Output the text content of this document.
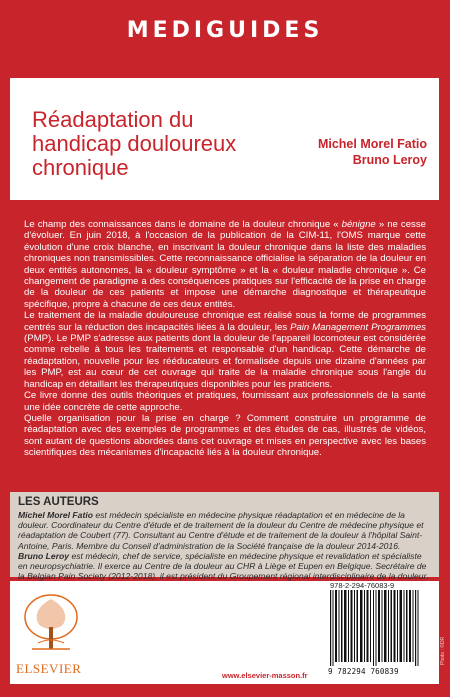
MEDIGUIDES
Réadaptation du
handicap douloureux
chronique
Michel Morel Fatio
Bruno Leroy

Le champ des connaissances dans le domaine de la douleur chronique « bénigne » ne cesse d'évoluer. En juin 2018, à l'occasion de la publication de la CIM-11, l'OMS marque cette évolution d'une croix blanche, en inscrivant la douleur chronique dans la liste des maladies chroniques non transmissibles. Cette reconnaissance officialise la séparation de la douleur en deux entités autonomes, la « douleur symptôme » et la « douleur maladie chronique ». Ce changement de paradigme a des conséquences pratiques sur l'efficacité de la prise en charge de la douleur de ces patients et impose une démarche diagnostique et thérapeutique spécifique, propre à chacune de ces deux entités.

Le traitement de la maladie douloureuse chronique est réalisé sous la forme de programmes centrés sur la réduction des incapacités liées à la douleur, les Pain Management Programmes (PMP). Le PMP s'adresse aux patients dont la douleur de l'appareil locomoteur est considérée comme rebelle à tous les traitements et responsable d'un handicap. Cette démarche de réadaptation, nouvelle pour les rééducateurs et formalisée depuis une dizaine d'années par les PMP, est au cœur de cet ouvrage qui traite de la maladie chronique sous l'angle du handicap en détaillant les thérapeutiques disponibles pour les praticiens.

Ce livre donne des outils théoriques et pratiques, fournissant aux professionnels de la santé une idée concrète de cette approche.

Quelle organisation pour la prise en charge ? Comment construire un programme de réadaptation avec des exemples de programmes et des études de cas, illustrés de vidéos, sont autant de questions abordées dans cet ouvrage et mises en perspective avec les bases scientifiques des mécanismes d'incapacité liés à la douleur chronique.

LES AUTEURS

Michel Morel Fatio est médecin spécialiste en médecine physique réadaptation et en médecine de la douleur. Coordinateur du Centre d'étude et de traitement de la douleur du Centre de médecine physique et réadaptation de Coubert (77). Consultant au Centre d'étude et de traitement de la douleur à l'hôpital Saint-Antoine, Paris. Membre du Conseil d'administration de la Société française de la douleur 2014-2016.

Bruno Leroy est médecin, chef de service, spécialiste en médecine physique et revalidation et spécialiste en neuropsychiatrie. Il exerce au Centre de la douleur au CHR à Liège et Eupen en Belgique. Secrétaire de la Belgian Pain Society (2012-2018), il est président du Groupement régional interdisciplinaire de la douleur.

ELSEVIER	www.elsevier-masson.fr
978-2-294-76083-9
9 782294 760839
Photo : ©DR
